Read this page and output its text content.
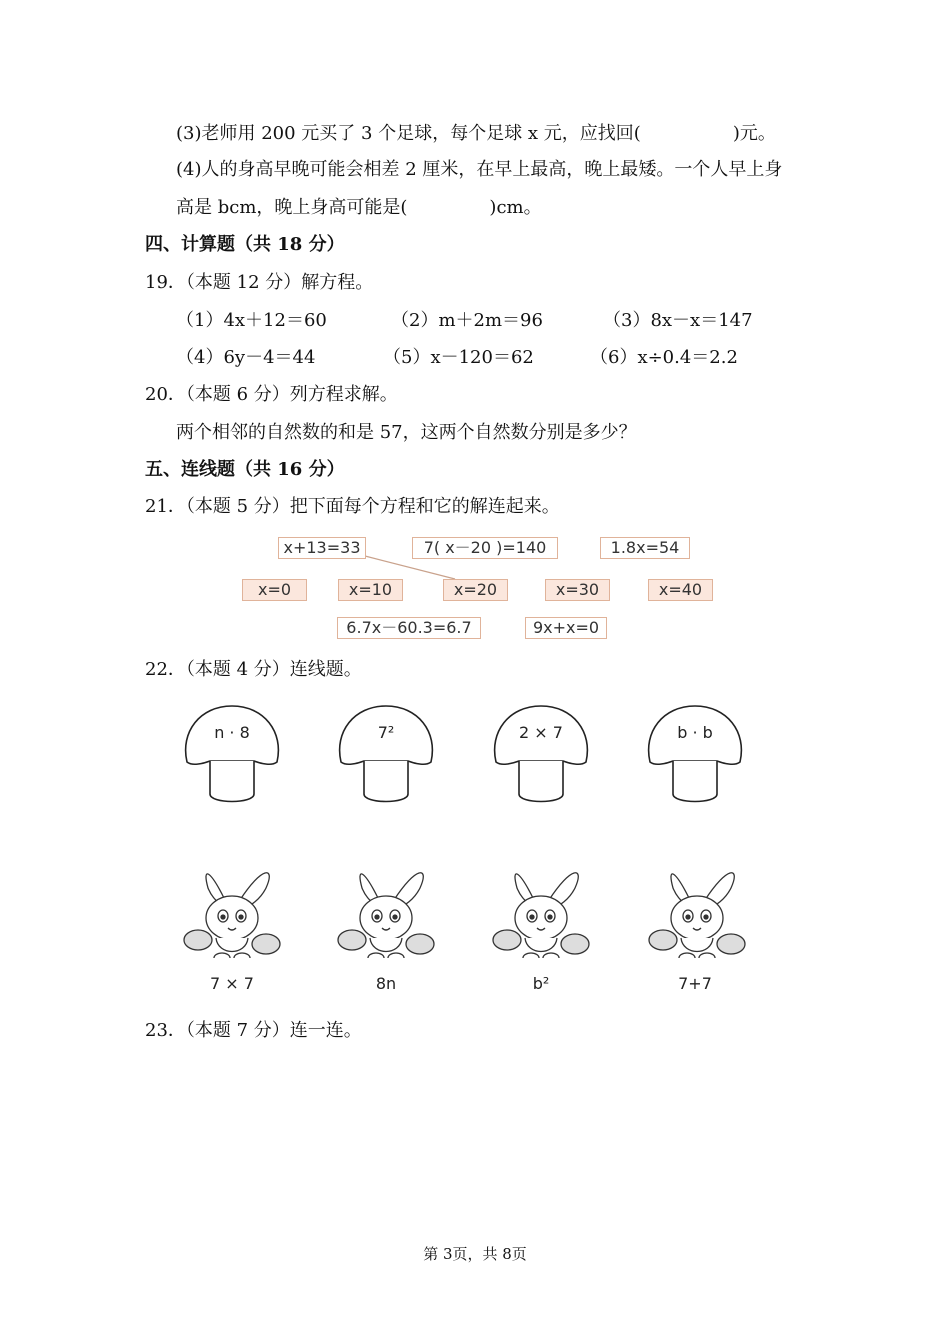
(3)老师用 200 元买了 3 个足球，每个足球 x 元，应找回(	)元。
(4)人的身高早晚可能会相差 2 厘米，在早上最高，晚上最矮。一个人早上身
高是 bcm，晚上身高可能是(	)cm。
四、计算题（共 18 分）
19．（本题 12 分）解方程。
（1）4x＋12＝60	（2）m＋2m＝96	（3）8x－x＝147
（4）6y－4＝44	（5）x－120＝62	（6）x÷0.4＝2.2
20．（本题 6 分）列方程求解。
两个相邻的自然数的和是 57，这两个自然数分别是多少？
五、连线题（共 16 分）
21．（本题 5 分）把下面每个方程和它的解连起来。
x+13=33	7( x－20 )=140	1.8x=54
x=0	x=10	x=20	x=30	x=40
6.7x－60.3=6.7	9x+x=0
22．（本题 4 分）连线题。
n · 8	7²	2 × 7	b · b
7 × 7	8n	b²	7+7
23．（本题 7 分）连一连。
第 3页，共 8页
